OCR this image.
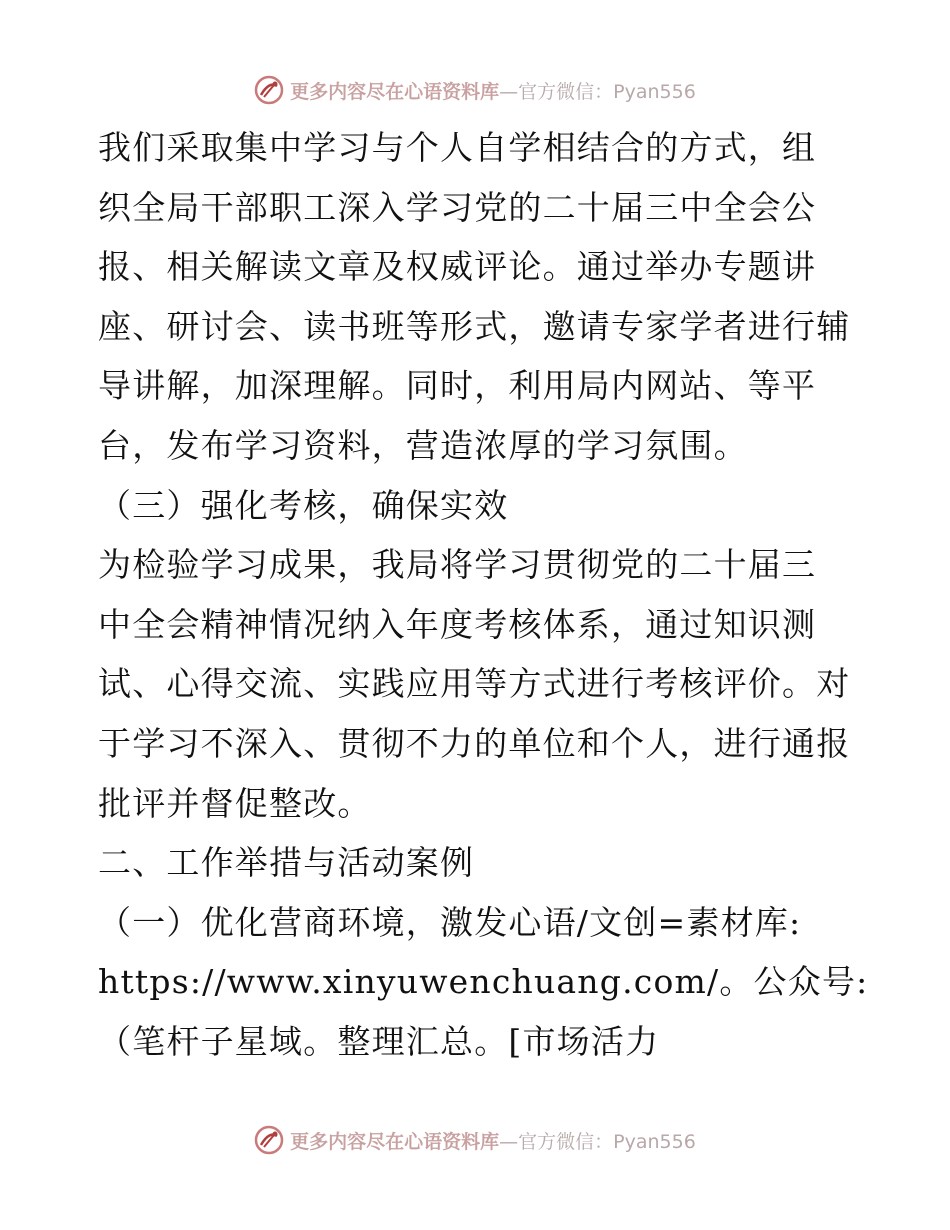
更多内容尽在心语资料库—官方微信：Pyan556
我们采取集中学习与个人自学相结合的方式，组
织全局干部职工深入学习党的二十届三中全会公
报、相关解读文章及权威评论。通过举办专题讲
座、研讨会、读书班等形式，邀请专家学者进行辅
导讲解，加深理解。同时，利用局内网站、等平
台，发布学习资料，营造浓厚的学习氛围。
（三）强化考核，确保实效
为检验学习成果，我局将学习贯彻党的二十届三
中全会精神情况纳入年度考核体系，通过知识测
试、心得交流、实践应用等方式进行考核评价。对
于学习不深入、贯彻不力的单位和个人，进行通报
批评并督促整改。
二、工作举措与活动案例
（一）优化营商环境，激发心语/文创=素材库:
https://www.xinyuwenchuang.com/。公众号:
（笔杆子星域。整理汇总。[市场活力
更多内容尽在心语资料库—官方微信：Pyan556
